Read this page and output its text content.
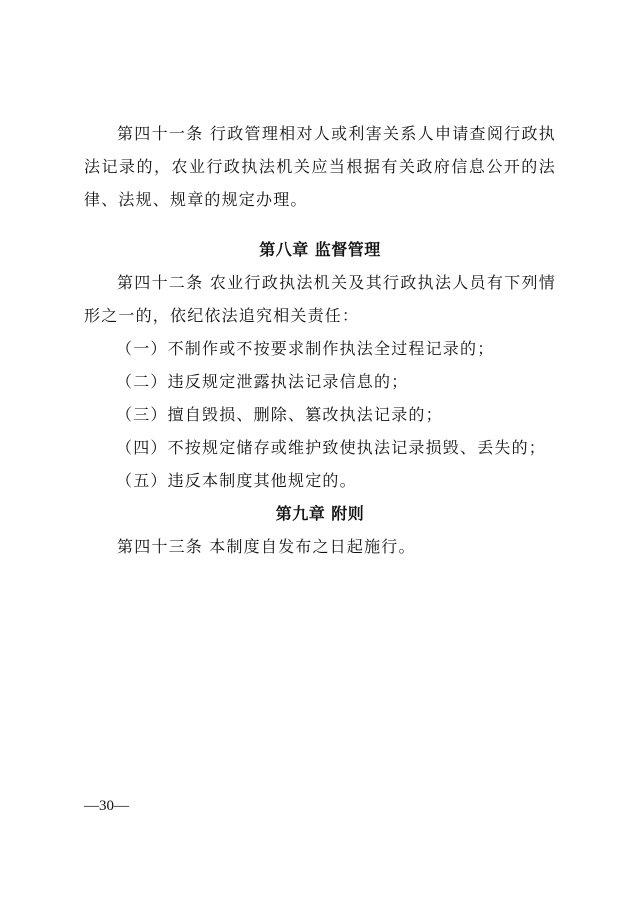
第四十一条 行政管理相对人或利害关系人申请查阅行政执法记录的，农业行政执法机关应当根据有关政府信息公开的法律、法规、规章的规定办理。

第八章 监督管理

第四十二条 农业行政执法机关及其行政执法人员有下列情形之一的，依纪依法追究相关责任：

（一）不制作或不按要求制作执法全过程记录的；

（二）违反规定泄露执法记录信息的；

（三）擅自毁损、删除、篡改执法记录的；

（四）不按规定储存或维护致使执法记录损毁、丢失的；

（五）违反本制度其他规定的。

第九章 附则

第四十三条 本制度自发布之日起施行。

—30—
